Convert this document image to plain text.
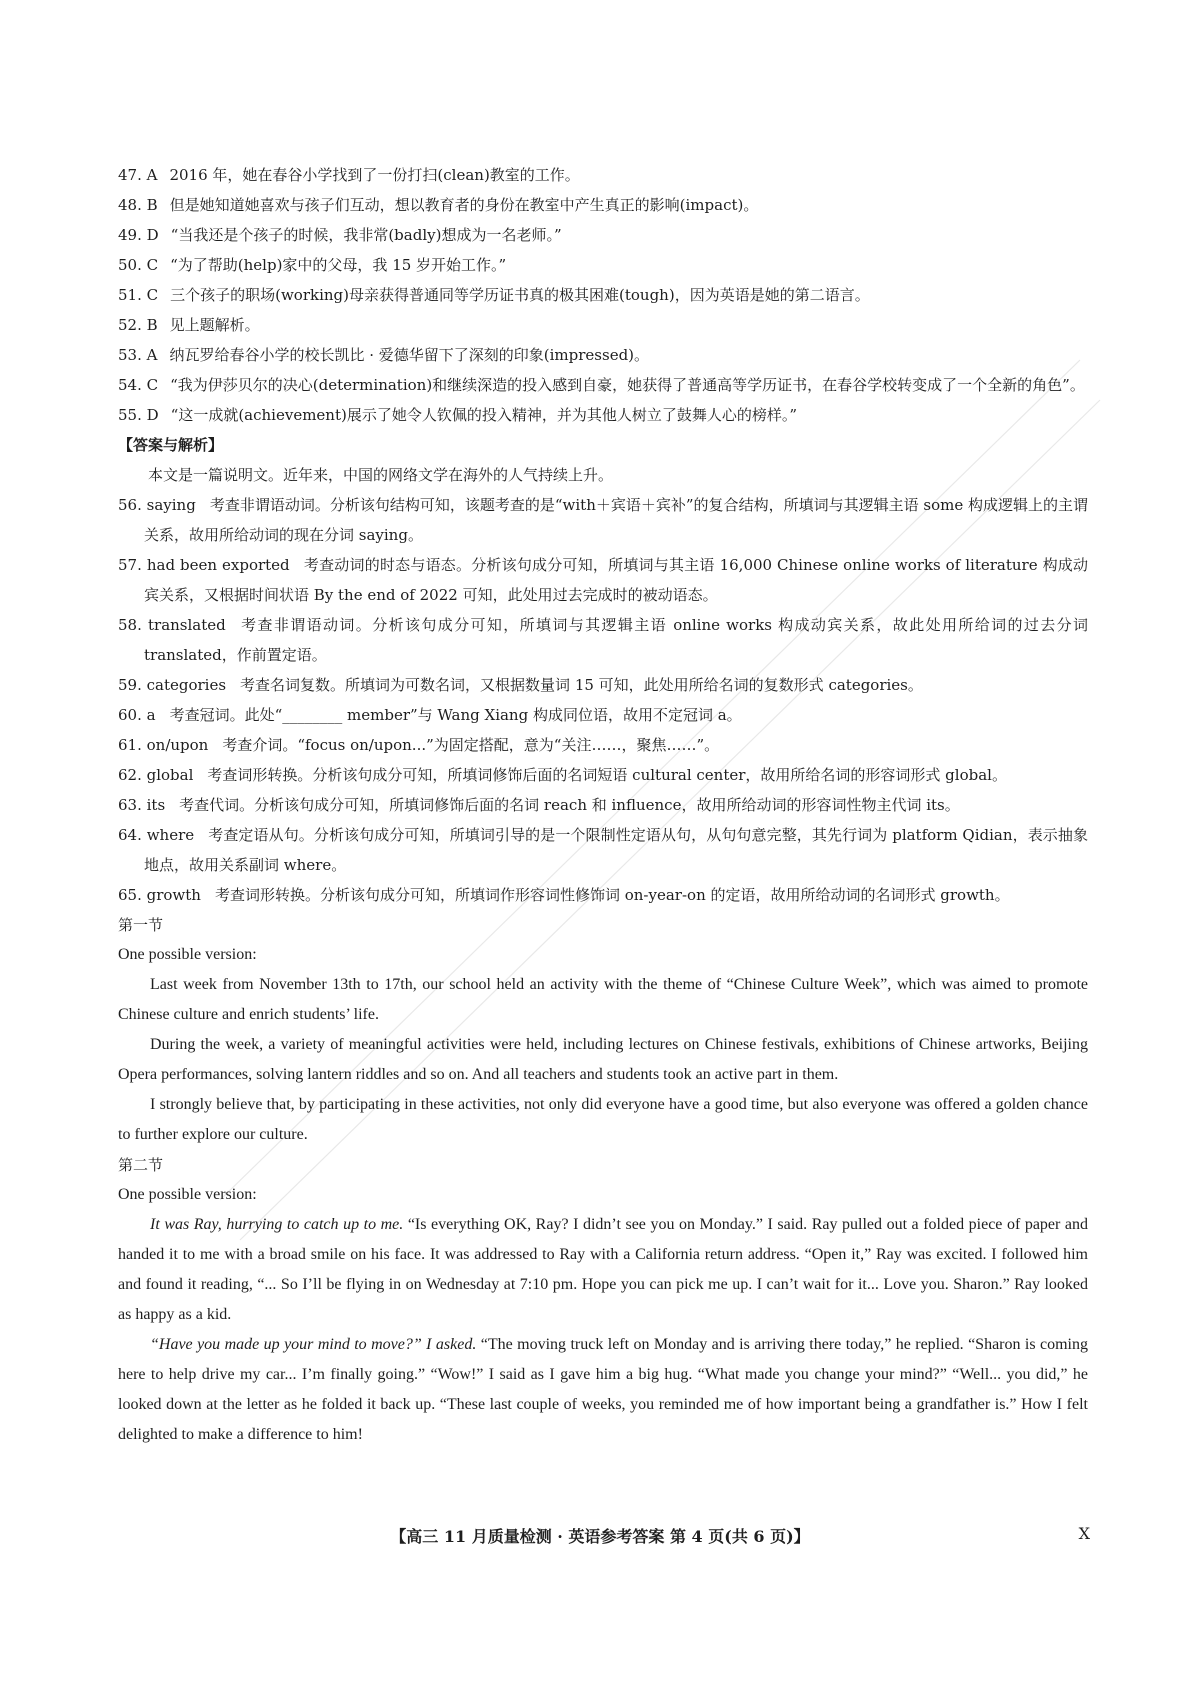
47. A 2016 年，她在春谷小学找到了一份打扫(clean)教室的工作。
48. B 但是她知道她喜欢与孩子们互动，想以教育者的身份在教室中产生真正的影响(impact)。
49. D “当我还是个孩子的时候，我非常(badly)想成为一名老师。”
50. C “为了帮助(help)家中的父母，我 15 岁开始工作。”
51. C 三个孩子的职场(working)母亲获得普通同等学历证书真的极其困难(tough)，因为英语是她的第二语言。
52. B 见上题解析。
53. A 纳瓦罗给春谷小学的校长凯比 · 爱德华留下了深刻的印象(impressed)。
54. C “我为伊莎贝尔的决心(determination)和继续深造的投入感到自豪，她获得了普通高等学历证书，在春谷学校转变成了一个全新的角色”。
55. D “这一成就(achievement)展示了她令人钦佩的投入精神，并为其他人树立了鼓舞人心的榜样。”
【答案与解析】

本文是一篇说明文。近年来，中国的网络文学在海外的人气持续上升。

56. saying 考查非谓语动词。分析该句结构可知，该题考查的是“with＋宾语＋宾补”的复合结构，所填词与其逻辑主语 some 构成逻辑上的主谓关系，故用所给动词的现在分词 saying。
57. had been exported 考查动词的时态与语态。分析该句成分可知，所填词与其主语 16,000 Chinese online works of literature 构成动宾关系，又根据时间状语 By the end of 2022 可知，此处用过去完成时的被动语态。
58. translated 考查非谓语动词。分析该句成分可知，所填词与其逻辑主语 online works 构成动宾关系，故此处用所给词的过去分词 translated，作前置定语。
59. categories 考查名词复数。所填词为可数名词，又根据数量词 15 可知，此处用所给名词的复数形式 categories。
60. a 考查冠词。此处“________ member”与 Wang Xiang 构成同位语，故用不定冠词 a。
61. on/upon 考查介词。“focus on/upon...”为固定搭配，意为“关注……，聚焦……”。
62. global 考查词形转换。分析该句成分可知，所填词修饰后面的名词短语 cultural center，故用所给名词的形容词形式 global。
63. its 考查代词。分析该句成分可知，所填词修饰后面的名词 reach 和 influence，故用所给动词的形容词性物主代词 its。
64. where 考查定语从句。分析该句成分可知，所填词引导的是一个限制性定语从句，从句句意完整，其先行词为 platform Qidian，表示抽象地点，故用关系副词 where。
65. growth 考查词形转换。分析该句成分可知，所填词作形容词性修饰词 on-year-on 的定语，故用所给动词的名词形式 growth。
第一节
One possible version:

Last week from November 13th to 17th, our school held an activity with the theme of “Chinese Culture Week”, which was aimed to promote Chinese culture and enrich students’ life.

During the week, a variety of meaningful activities were held, including lectures on Chinese festivals, exhibitions of Chinese artworks, Beijing Opera performances, solving lantern riddles and so on. And all teachers and students took an active part in them.

I strongly believe that, by participating in these activities, not only did everyone have a good time, but also everyone was offered a golden chance to further explore our culture.

第二节
One possible version:

It was Ray, hurrying to catch up to me. “Is everything OK, Ray? I didn’t see you on Monday.” I said. Ray pulled out a folded piece of paper and handed it to me with a broad smile on his face. It was addressed to Ray with a California return address. “Open it,” Ray was excited. I followed him and found it reading, “... So I’ll be flying in on Wednesday at 7:10 pm. Hope you can pick me up. I can’t wait for it... Love you. Sharon.” Ray looked as happy as a kid.

“Have you made up your mind to move?” I asked. “The moving truck left on Monday and is arriving there today,” he replied. “Sharon is coming here to help drive my car... I’m finally going.” “Wow!” I said as I gave him a big hug. “What made you change your mind?” “Well... you did,” he looked down at the letter as he folded it back up. “These last couple of weeks, you reminded me of how important being a grandfather is.” How I felt delighted to make a difference to him!

【高三 11 月质量检测 · 英语参考答案 第 4 页(共 6 页)】	X
